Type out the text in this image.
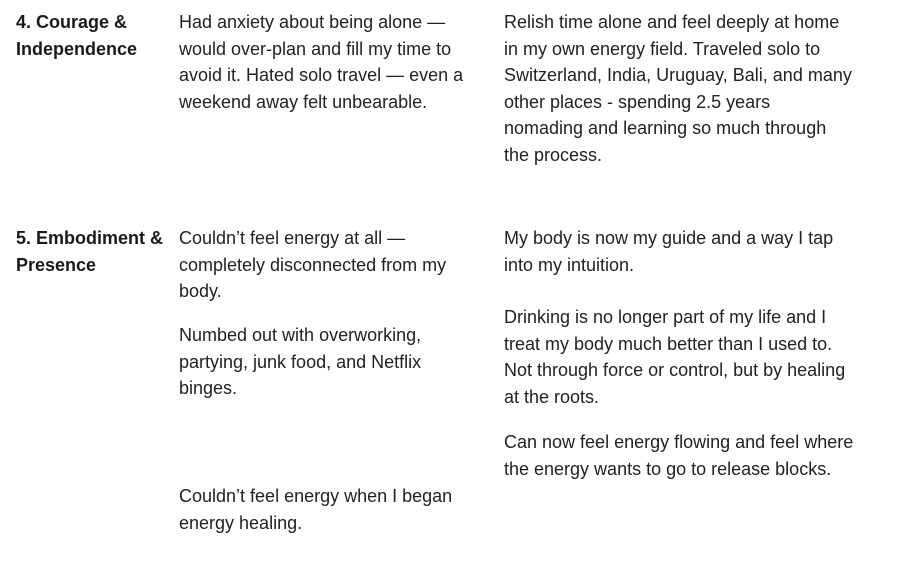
4. Courage & Independence

Had anxiety about being alone — would over-plan and fill my time to avoid it. Hated solo travel — even a weekend away felt unbearable.

Relish time alone and feel deeply at home in my own energy field. Traveled solo to Switzerland, India, Uruguay, Bali, and many other places - spending 2.5 years nomading and learning so much through the process.

5. Embodiment & Presence

Couldn’t feel energy at all — completely disconnected from my body.

Numbed out with overworking, partying, junk food, and Netflix binges.

Couldn’t feel energy when I began energy healing.

My body is now my guide and a way I tap into my intuition.

Drinking is no longer part of my life and I treat my body much better than I used to. Not through force or control, but by healing at the roots.

Can now feel energy flowing and feel where the energy wants to go to release blocks.
